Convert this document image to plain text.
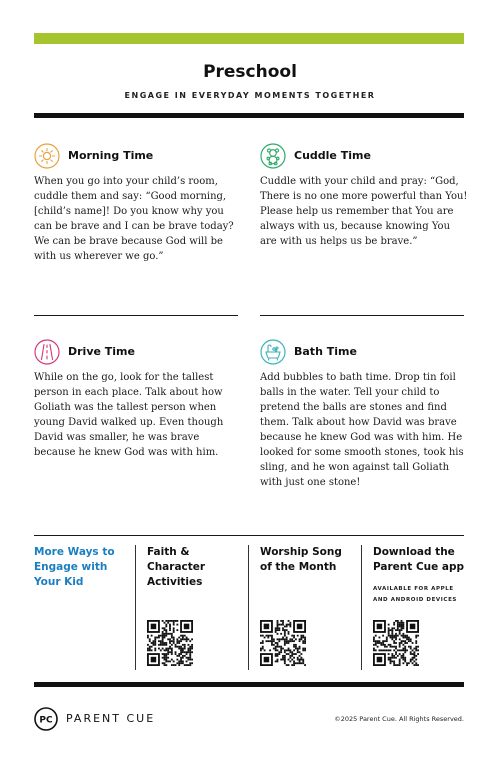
Preschool
ENGAGE IN EVERYDAY MOMENTS TOGETHER
Morning Time
When you go into your child’s room, cuddle them and say: “Good morning, [child’s name]! Do you know why you can be brave and I can be brave today? We can be brave because God will be with us wherever we go.”
Cuddle Time
Cuddle with your child and pray: “God, There is no one more powerful than You! Please help us remember that You are always with us, because knowing You are with us helps us be brave.”
Drive Time
While on the go, look for the tallest person in each place. Talk about how Goliath was the tallest person when young David walked up. Even though David was smaller, he was brave because he knew God was with him.
Bath Time
Add bubbles to bath time. Drop tin foil balls in the water. Tell your child to pretend the balls are stones and find them. Talk about how David was brave because he knew God was with him. He looked for some smooth stones, took his sling, and he won against tall Goliath with just one stone!
More Ways to
Engage with
Your Kid
Faith &
Character
Activities
Worship Song
of the Month
Download the
Parent Cue app
AVAILABLE FOR APPLE
AND ANDROID DEVICES
PC PARENT CUE	©2025 Parent Cue. All Rights Reserved.
